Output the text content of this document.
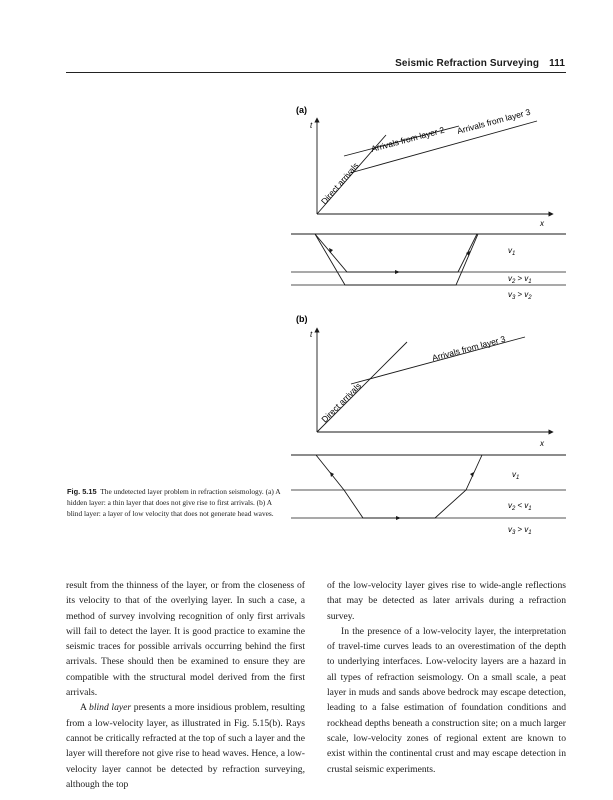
Seismic Refraction Surveying 111
(a)
t
x
Direct arrivals
Arrivals from layer 2
Arrivals from layer 3
$v_1$
$v_2 > v_1$
$v_3 > v_2$
(b)
t
x
Direct arrivals
Arrivals from layer 3
$v_1$
$v_2 < v_1$
$v_3 > v_1$
Fig. 5.15 The undetected layer problem in refraction seismology. (a) A hidden layer: a thin layer that does not give rise to first arrivals. (b) A blind layer: a layer of low velocity that does not generate head waves.

result from the thinness of the layer, or from the closeness of its velocity to that of the overlying layer. In such a case, a method of survey involving recognition of only first arrivals will fail to detect the layer. It is good practice to examine the seismic traces for possible arrivals occurring behind the first arrivals. These should then be examined to ensure they are compatible with the structural model derived from the first arrivals.

A blind layer presents a more insidious problem, resulting from a low-velocity layer, as illustrated in Fig. 5.15(b). Rays cannot be critically refracted at the top of such a layer and the layer will therefore not give rise to head waves. Hence, a low-velocity layer cannot be detected by refraction surveying, although the top

of the low-velocity layer gives rise to wide-angle reflections that may be detected as later arrivals during a refraction survey.

In the presence of a low-velocity layer, the interpretation of travel-time curves leads to an overestimation of the depth to underlying interfaces. Low-velocity layers are a hazard in all types of refraction seismology. On a small scale, a peat layer in muds and sands above bedrock may escape detection, leading to a false estimation of foundation conditions and rockhead depths beneath a construction site; on a much larger scale, low-velocity zones of regional extent are known to exist within the continental crust and may escape detection in crustal seismic experiments.
